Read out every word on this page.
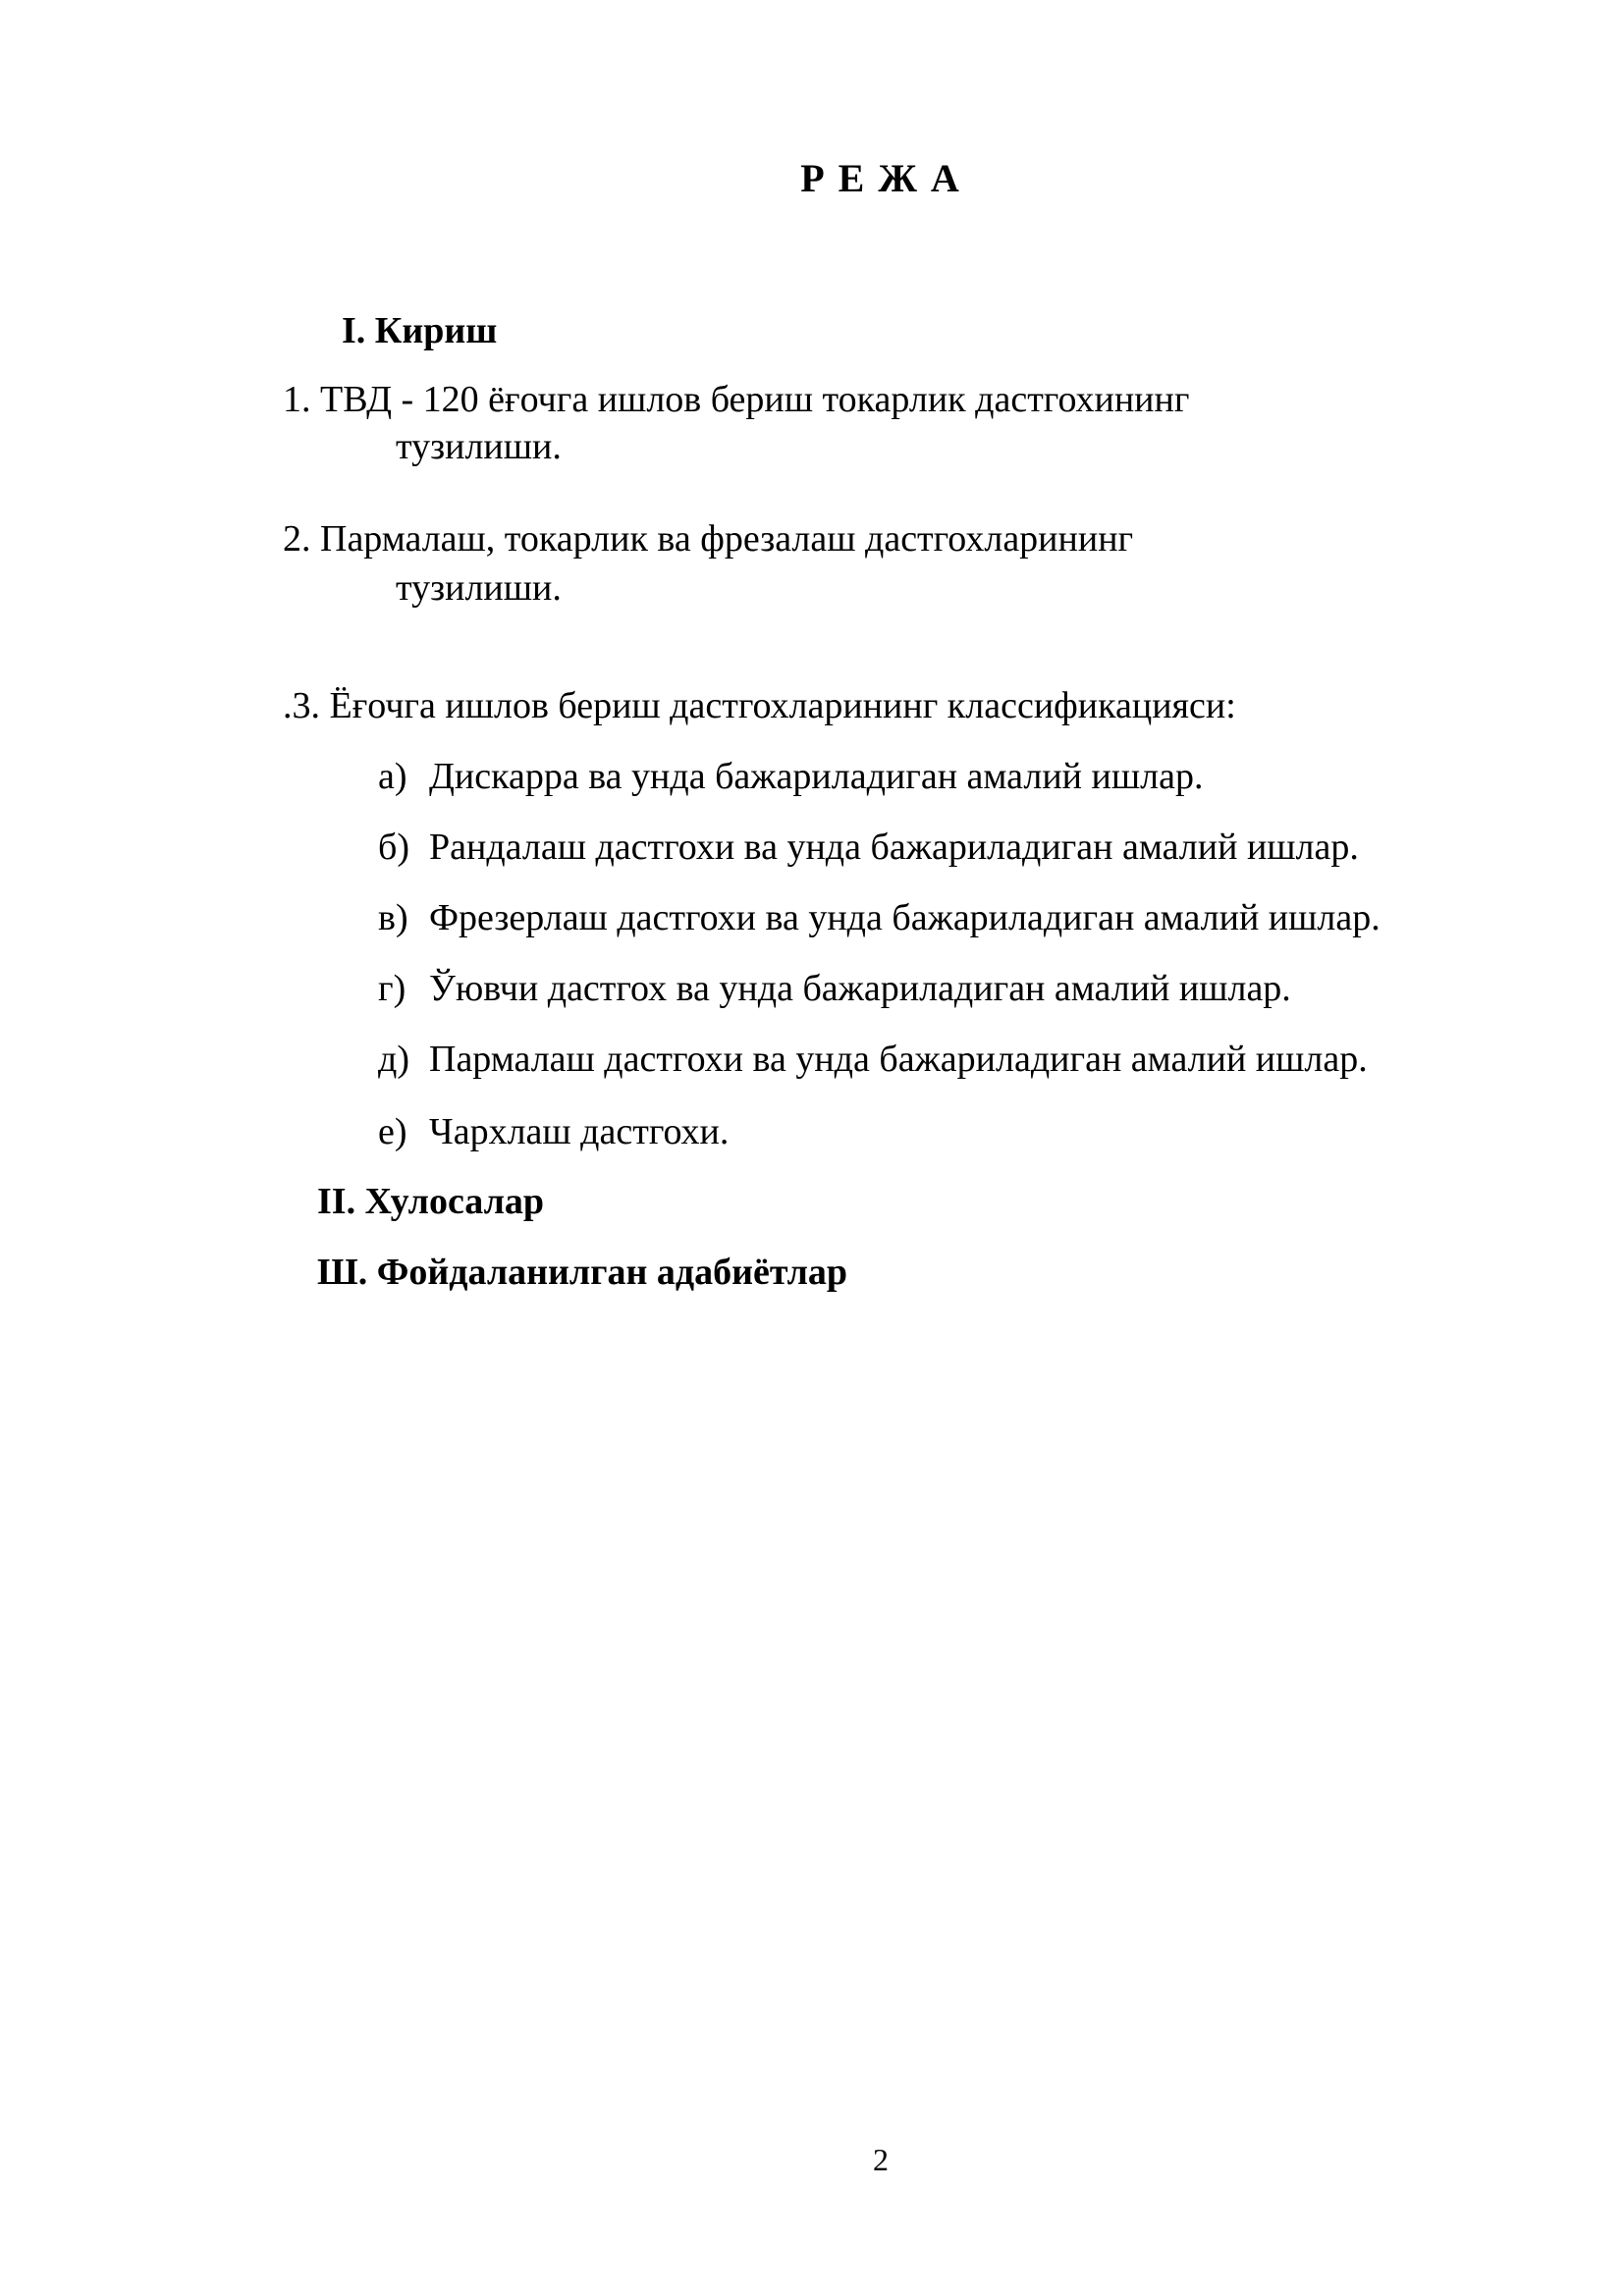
Р Е Ж А
I. Кириш
1. ТВД - 120 ёғочга ишлов бериш токарлик дастгохининг
тузилиши.
2. Пармалаш, токарлик ва фрезалаш дастгохларининг
тузилиши.
.3. Ёғочга ишлов бериш дастгохларининг классификацияси:
а) Дискарра ва унда бажариладиган амалий ишлар.
б) Рандалаш дастгохи ва унда бажариладиган амалий ишлар.
в) Фрезерлаш дастгохи ва унда бажариладиган амалий ишлар.
г) Ўювчи дастгох ва унда бажариладиган амалий ишлар.
д) Пармалаш дастгохи ва унда бажариладиган амалий ишлар.
е) Чархлаш дастгохи.
II. Хулосалар
Ш. Фойдаланилган адабиётлар
2
